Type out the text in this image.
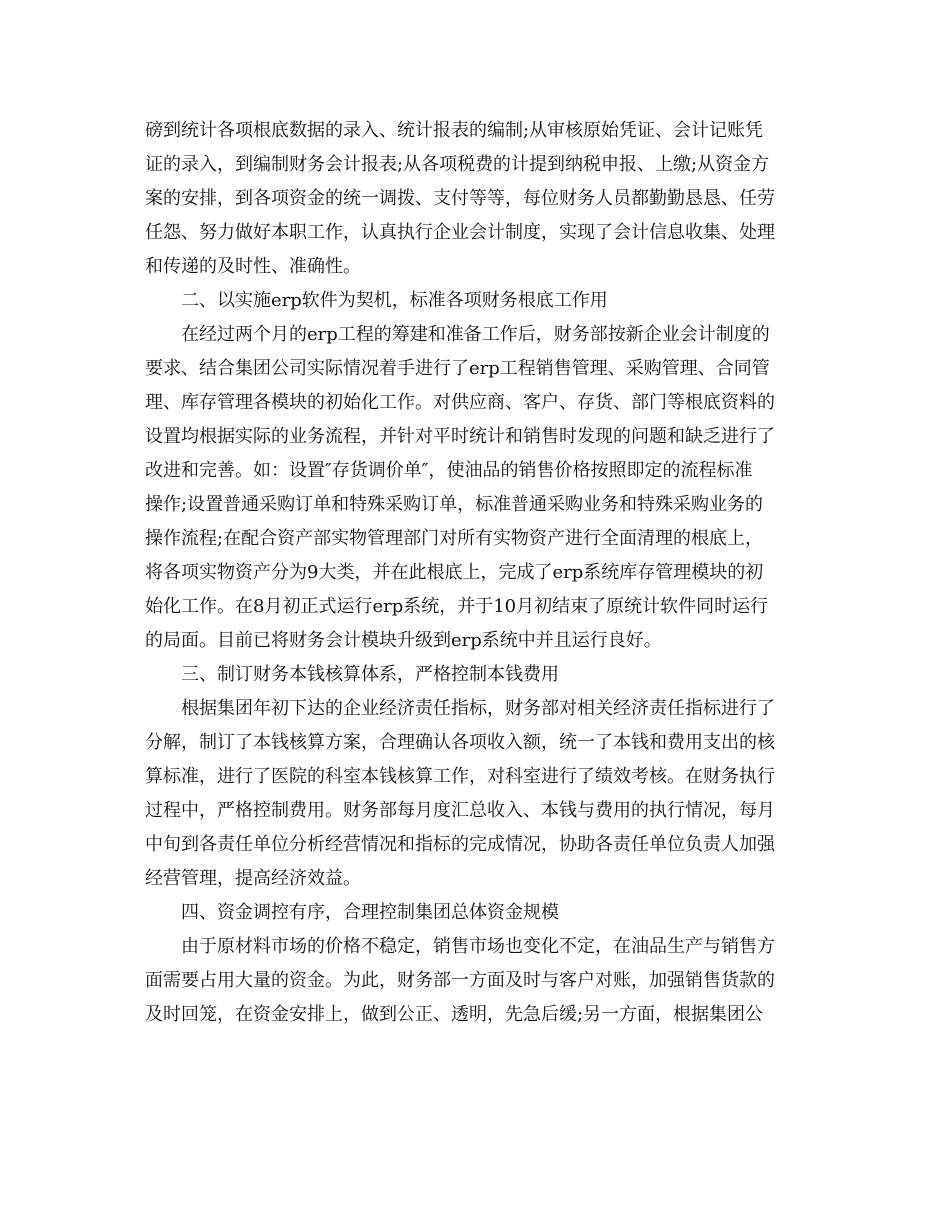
磅到统计各项根底数据的录入、统计报表的编制;从审核原始凭证、会计记账凭
证的录入，到编制财务会计报表;从各项税费的计提到纳税申报、上缴;从资金方
案的安排，到各项资金的统一调拨、支付等等，每位财务人员都勤勤恳恳、任劳
任怨、努力做好本职工作，认真执行企业会计制度，实现了会计信息收集、处理
和传递的及时性、准确性。
二、以实施erp软件为契机，标准各项财务根底工作用
在经过两个月的erp工程的筹建和准备工作后，财务部按新企业会计制度的
要求、结合集团公司实际情况着手进行了erp工程销售管理、采购管理、合同管
理、库存管理各模块的初始化工作。对供应商、客户、存货、部门等根底资料的
设置均根据实际的业务流程，并针对平时统计和销售时发现的问题和缺乏进行了
改进和完善。如：设置″存货调价单″，使油品的销售价格按照即定的流程标准
操作;设置普通采购订单和特殊采购订单，标准普通采购业务和特殊采购业务的
操作流程;在配合资产部实物管理部门对所有实物资产进行全面清理的根底上，
将各项实物资产分为9大类，并在此根底上，完成了erp系统库存管理模块的初
始化工作。在8月初正式运行erp系统，并于10月初结束了原统计软件同时运行
的局面。目前已将财务会计模块升级到erp系统中并且运行良好。
三、制订财务本钱核算体系，严格控制本钱费用
根据集团年初下达的企业经济责任指标，财务部对相关经济责任指标进行了
分解，制订了本钱核算方案，合理确认各项收入额，统一了本钱和费用支出的核
算标准，进行了医院的科室本钱核算工作，对科室进行了绩效考核。在财务执行
过程中，严格控制费用。财务部每月度汇总收入、本钱与费用的执行情况，每月
中旬到各责任单位分析经营情况和指标的完成情况，协助各责任单位负责人加强
经营管理，提高经济效益。
四、资金调控有序，合理控制集团总体资金规模
由于原材料市场的价格不稳定，销售市场也变化不定，在油品生产与销售方
面需要占用大量的资金。为此，财务部一方面及时与客户对账，加强销售货款的
及时回笼，在资金安排上，做到公正、透明，先急后缓;另一方面，根据集团公
